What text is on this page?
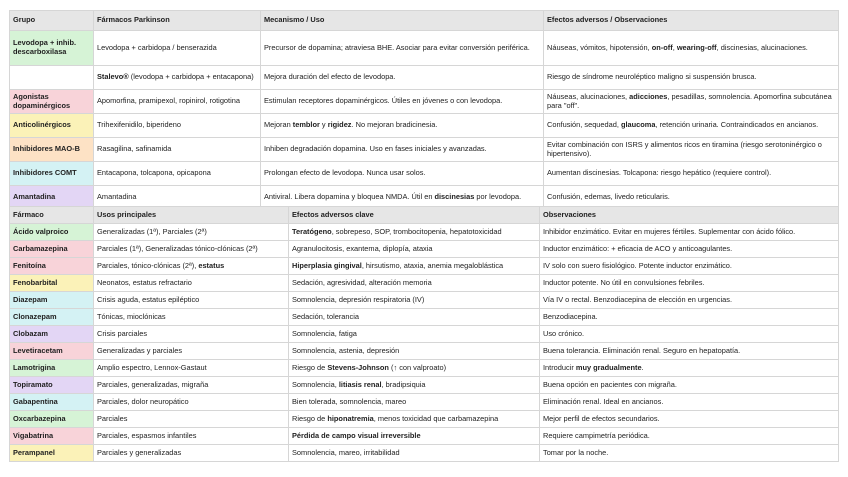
Grupo	Fármacos Parkinson	Mecanismo / Uso	Efectos adversos / Observaciones
Levodopa + inhib. descarboxilasa	Levodopa + carbidopa / benserazida	Precursor de dopamina; atraviesa BHE. Asociar para evitar conversión periférica.	Náuseas, vómitos, hipotensión, on-off, wearing-off, discinesias, alucinaciones.
	Stalevo® (levodopa + carbidopa + entacapona)	Mejora duración del efecto de levodopa.	Riesgo de síndrome neuroléptico maligno si suspensión brusca.
Agonistas dopaminérgicos	Apomorfina, pramipexol, ropinirol, rotigotina	Estimulan receptores dopaminérgicos. Útiles en jóvenes o con levodopa.	Náuseas, alucinaciones, adicciones, pesadillas, somnolencia. Apomorfina subcutánea para "off".
Anticolinérgicos	Trihexifenidilo, biperideno	Mejoran temblor y rigidez. No mejoran bradicinesia.	Confusión, sequedad, glaucoma, retención urinaria. Contraindicados en ancianos.
Inhibidores MAO-B	Rasagilina, safinamida	Inhiben degradación dopamina. Uso en fases iniciales y avanzadas.	Evitar combinación con ISRS y alimentos ricos en tiramina (riesgo serotoninérgico o hipertensivo).
Inhibidores COMT	Entacapona, tolcapona, opicapona	Prolongan efecto de levodopa. Nunca usar solos.	Aumentan discinesias. Tolcapona: riesgo hepático (requiere control).
Amantadina	Amantadina	Antiviral. Libera dopamina y bloquea NMDA. Útil en discinesias por levodopa.	Confusión, edemas, livedo reticularis.
Fármaco	Usos principales	Efectos adversos clave	Observaciones
Ácido valproico	Generalizadas (1ª), Parciales (2ª)	Teratógeno, sobrepeso, SOP, trombocitopenia, hepatotoxicidad	Inhibidor enzimático. Evitar en mujeres fértiles. Suplementar con ácido fólico.
Carbamazepina	Parciales (1ª), Generalizadas tónico-clónicas (2ª)	Agranulocitosis, exantema, diplopía, ataxia	Inductor enzimático: + eficacia de ACO y anticoagulantes.
Fenitoína	Parciales, tónico-clónicas (2ª), estatus	Hiperplasia gingival, hirsutismo, ataxia, anemia megaloblástica	IV solo con suero fisiológico. Potente inductor enzimático.
Fenobarbital	Neonatos, estatus refractario	Sedación, agresividad, alteración memoria	Inductor potente. No útil en convulsiones febriles.
Diazepam	Crisis aguda, estatus epiléptico	Somnolencia, depresión respiratoria (IV)	Vía IV o rectal. Benzodiacepina de elección en urgencias.
Clonazepam	Tónicas, mioclónicas	Sedación, tolerancia	Benzodiacepina.
Clobazam	Crisis parciales	Somnolencia, fatiga	Uso crónico.
Levetiracetam	Generalizadas y parciales	Somnolencia, astenia, depresión	Buena tolerancia. Eliminación renal. Seguro en hepatopatía.
Lamotrigina	Amplio espectro, Lennox-Gastaut	Riesgo de Stevens-Johnson (↑ con valproato)	Introducir muy gradualmente.
Topiramato	Parciales, generalizadas, migraña	Somnolencia, litiasis renal, bradipsiquia	Buena opción en pacientes con migraña.
Gabapentina	Parciales, dolor neuropático	Bien tolerada, somnolencia, mareo	Eliminación renal. Ideal en ancianos.
Oxcarbazepina	Parciales	Riesgo de hiponatremia, menos toxicidad que carbamazepina	Mejor perfil de efectos secundarios.
Vigabatrina	Parciales, espasmos infantiles	Pérdida de campo visual irreversible	Requiere campimetría periódica.
Perampanel	Parciales y generalizadas	Somnolencia, mareo, irritabilidad	Tomar por la noche.
